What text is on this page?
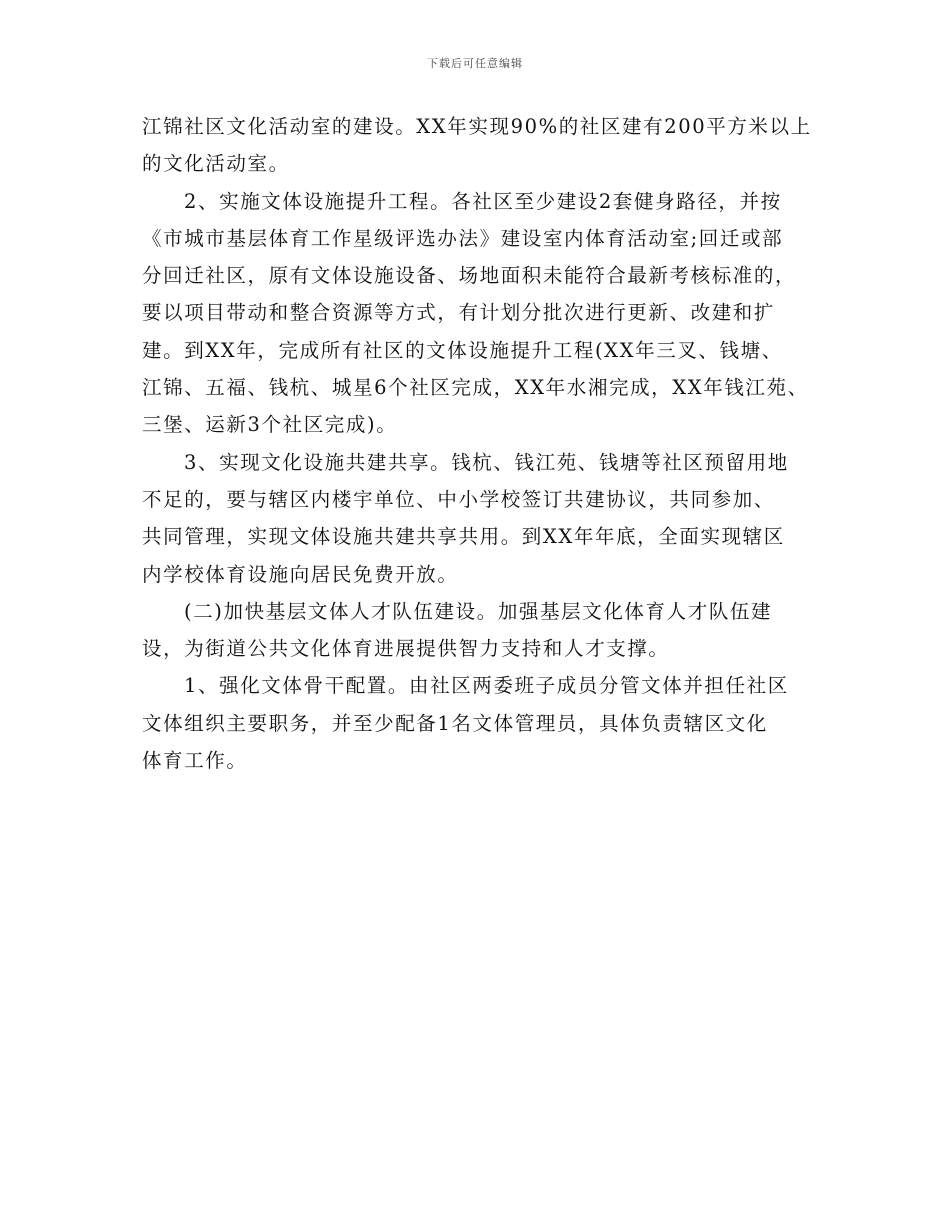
下载后可任意编辑
江锦社区文化活动室的建设。XX年实现90%的社区建有200平方米以上
的文化活动室。
2、实施文体设施提升工程。各社区至少建设2套健身路径，并按
《市城市基层体育工作星级评选办法》建设室内体育活动室;回迁或部
分回迁社区，原有文体设施设备、场地面积未能符合最新考核标准的，
要以项目带动和整合资源等方式，有计划分批次进行更新、改建和扩
建。到XX年，完成所有社区的文体设施提升工程(XX年三叉、钱塘、
江锦、五福、钱杭、城星6个社区完成，XX年水湘完成，XX年钱江苑、
三堡、运新3个社区完成)。
3、实现文化设施共建共享。钱杭、钱江苑、钱塘等社区预留用地
不足的，要与辖区内楼宇单位、中小学校签订共建协议，共同参加、
共同管理，实现文体设施共建共享共用。到XX年年底，全面实现辖区
内学校体育设施向居民免费开放。
(二)加快基层文体人才队伍建设。加强基层文化体育人才队伍建
设，为街道公共文化体育进展提供智力支持和人才支撑。
1、强化文体骨干配置。由社区两委班子成员分管文体并担任社区
文体组织主要职务，并至少配备1名文体管理员，具体负责辖区文化
体育工作。
